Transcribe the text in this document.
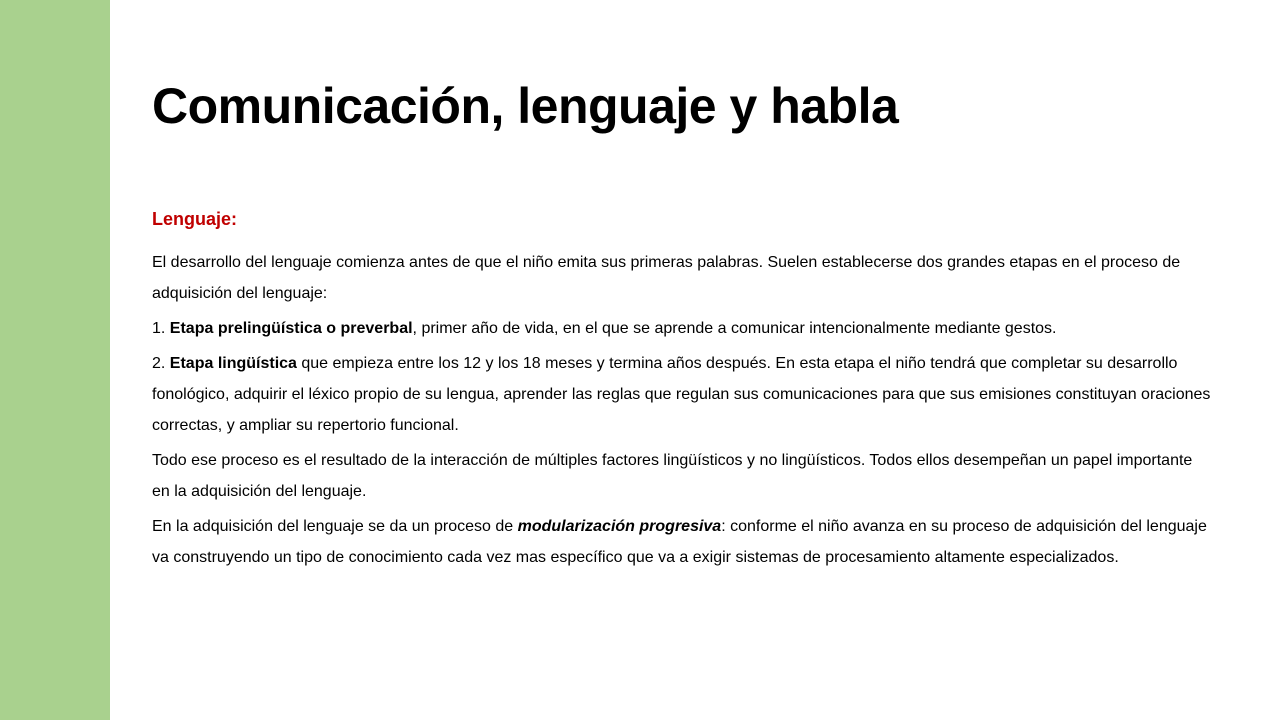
Comunicación, lenguaje y habla
Lenguaje:

El desarrollo del lenguaje comienza antes de que el niño emita sus primeras palabras. Suelen establecerse dos grandes etapas en el proceso de adquisición del lenguaje:

1. Etapa prelingüística o preverbal, primer año de vida, en el que se aprende a comunicar intencionalmente mediante gestos.

2. Etapa lingüística que empieza entre los 12 y los 18 meses y termina años después. En esta etapa el niño tendrá que completar su desarrollo fonológico, adquirir el léxico propio de su lengua, aprender las reglas que regulan sus comunicaciones para que sus emisiones constituyan oraciones correctas, y ampliar su repertorio funcional.

Todo ese proceso es el resultado de la interacción de múltiples factores lingüísticos y no lingüísticos. Todos ellos desempeñan un papel importante en la adquisición del lenguaje.

En la adquisición del lenguaje se da un proceso de modularización progresiva: conforme el niño avanza en su proceso de adquisición del lenguaje va construyendo un tipo de conocimiento cada vez mas específico que va a exigir sistemas de procesamiento altamente especializados.
